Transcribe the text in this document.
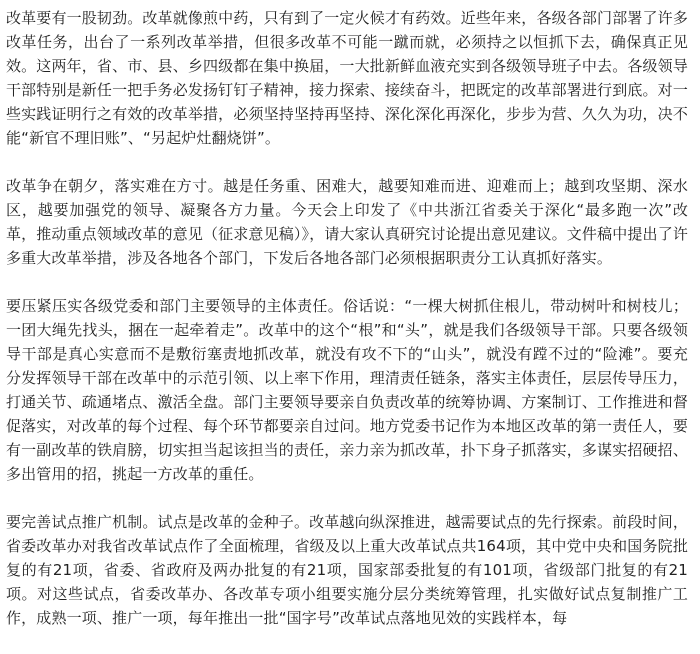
改革要有一股韧劲。改革就像煎中药，只有到了一定火候才有药效。近些年来，各级各部门部署了许多改革任务，出台了一系列改革举措，但很多改革不可能一蹴而就，必须持之以恒抓下去，确保真正见效。这两年，省、市、县、乡四级都在集中换届，一大批新鲜血液充实到各级领导班子中去。各级领导干部特别是新任一把手务必发扬钉钉子精神，接力探索、接续奋斗，把既定的改革部署进行到底。对一些实践证明行之有效的改革举措，必须坚持坚持再坚持、深化深化再深化，步步为营、久久为功，决不能“新官不理旧账”、“另起炉灶翻烧饼”。

改革争在朝夕，落实难在方寸。越是任务重、困难大，越要知难而进、迎难而上；越到攻坚期、深水区，越要加强党的领导、凝聚各方力量。今天会上印发了《中共浙江省委关于深化“最多跑一次”改革，推动重点领域改革的意见（征求意见稿）》，请大家认真研究讨论提出意见建议。文件稿中提出了许多重大改革举措，涉及各地各个部门，下发后各地各部门必须根据职责分工认真抓好落实。

要压紧压实各级党委和部门主要领导的主体责任。俗话说：“一棵大树抓住根儿，带动树叶和树枝儿；一团大绳先找头，捆在一起牵着走”。改革中的这个“根”和“头”，就是我们各级领导干部。只要各级领导干部是真心实意而不是敷衍塞责地抓改革，就没有攻不下的“山头”，就没有蹚不过的“险滩”。要充分发挥领导干部在改革中的示范引领、以上率下作用，理清责任链条，落实主体责任，层层传导压力，打通关节、疏通堵点、激活全盘。部门主要领导要亲自负责改革的统筹协调、方案制订、工作推进和督促落实，对改革的每个过程、每个环节都要亲自过问。地方党委书记作为本地区改革的第一责任人，要有一副改革的铁肩膀，切实担当起该担当的责任，亲力亲为抓改革，扑下身子抓落实，多谋实招硬招、多出管用的招，挑起一方改革的重任。

要完善试点推广机制。试点是改革的金种子。改革越向纵深推进，越需要试点的先行探索。前段时间，省委改革办对我省改革试点作了全面梳理，省级及以上重大改革试点共164项，其中党中央和国务院批复的有21项，省委、省政府及两办批复的有21项，国家部委批复的有101项，省级部门批复的有21项。对这些试点，省委改革办、各改革专项小组要实施分层分类统筹管理，扎实做好试点复制推广工作，成熟一项、推广一项，每年推出一批“国字号”改革试点落地见效的实践样本，每
